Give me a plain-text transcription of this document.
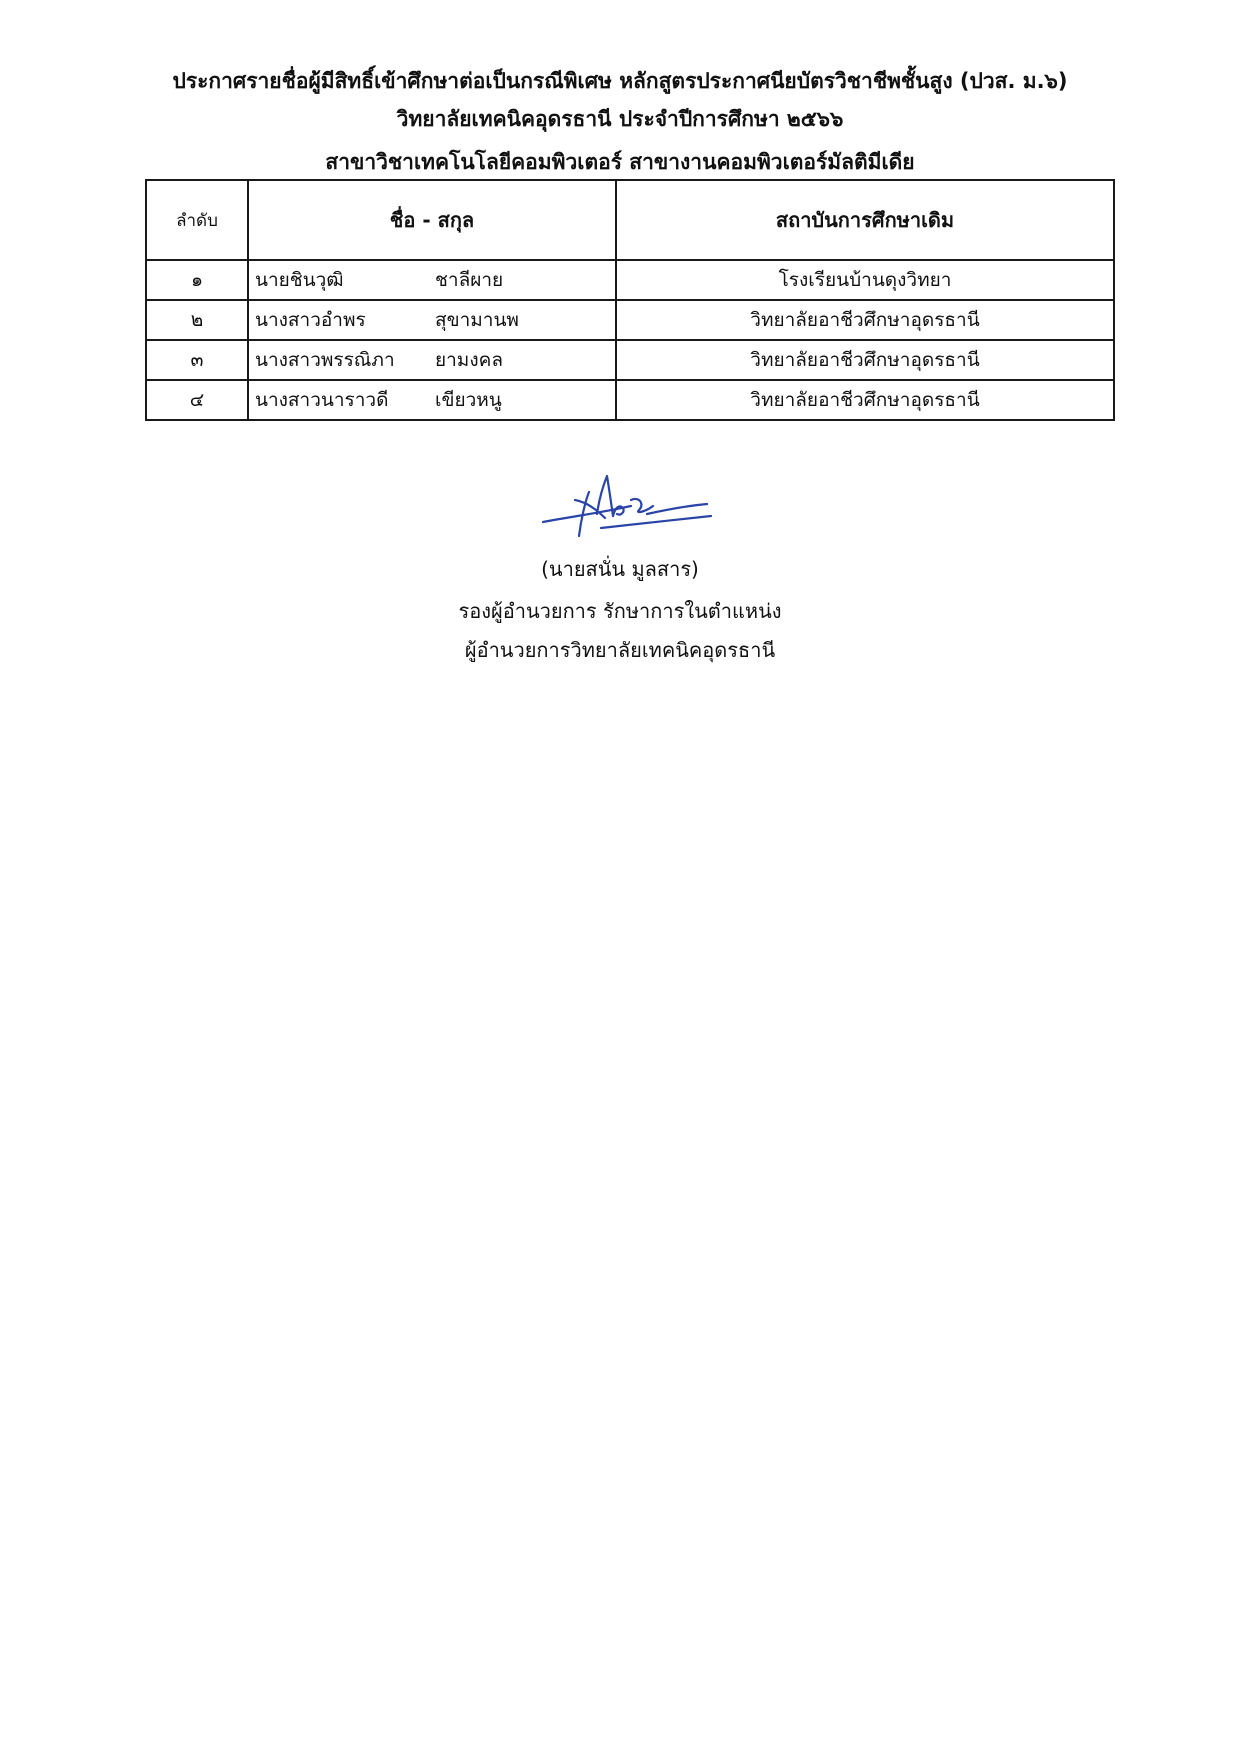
ประกาศรายชื่อผู้มีสิทธิ์เข้าศึกษาต่อเป็นกรณีพิเศษ หลักสูตรประกาศนียบัตรวิชาชีพชั้นสูง (ปวส. ม.๖)
วิทยาลัยเทคนิคอุดรธานี ประจำปีการศึกษา ๒๕๖๖
สาขาวิชาเทคโนโลยีคอมพิวเตอร์ สาขางานคอมพิวเตอร์มัลติมีเดีย
ลำดับ	ชื่อ - สกุล	สถาบันการศึกษาเดิม
๑	นายชินวุฒิ ชาลีผาย	โรงเรียนบ้านดุงวิทยา
๒	นางสาวอำพร สุขามานพ	วิทยาลัยอาชีวศึกษาอุดรธานี
๓	นางสาวพรรณิภา ยามงคล	วิทยาลัยอาชีวศึกษาอุดรธานี
๔	นางสาวนาราวดี เขียวหนู	วิทยาลัยอาชีวศึกษาอุดรธานี
(นายสนั่น มูลสาร)
รองผู้อำนวยการ รักษาการในตำแหน่ง
ผู้อำนวยการวิทยาลัยเทคนิคอุดรธานี
